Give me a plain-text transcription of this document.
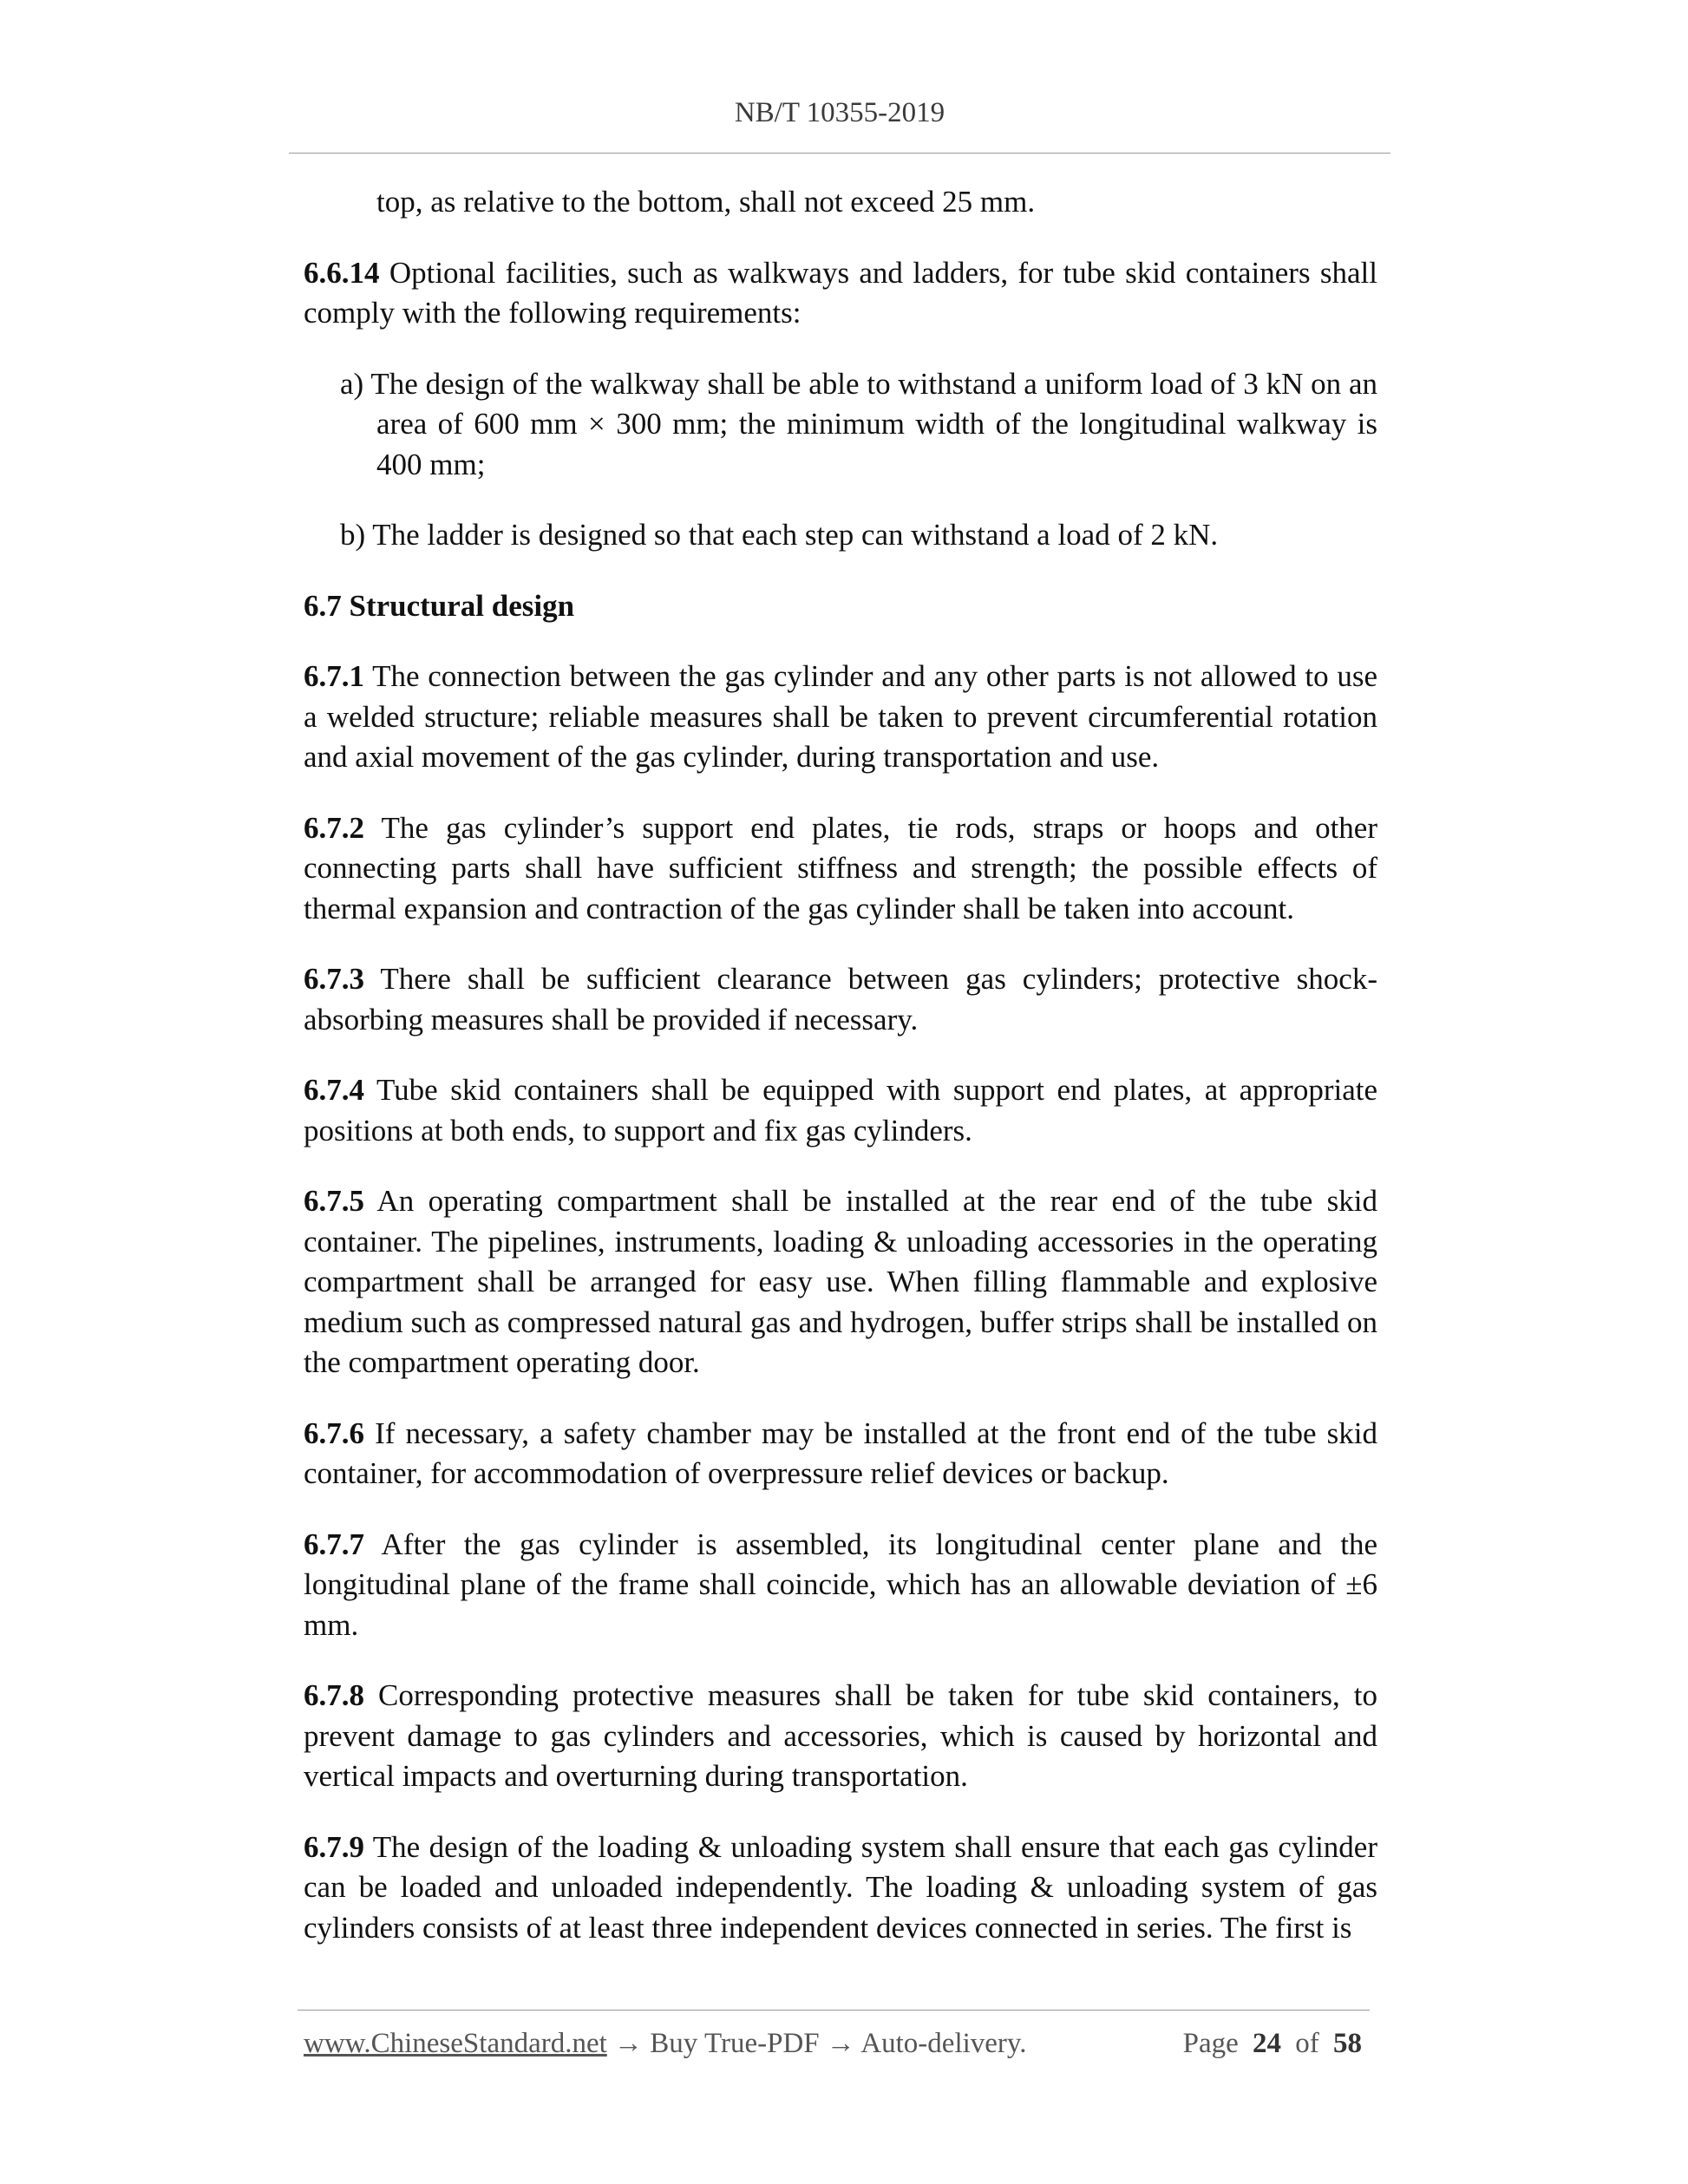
NB/T 10355-2019

top, as relative to the bottom, shall not exceed 25 mm.

6.6.14 Optional facilities, such as walkways and ladders, for tube skid containers shall comply with the following requirements:

a) The design of the walkway shall be able to withstand a uniform load of 3 kN on an area of 600 mm × 300 mm; the minimum width of the longitudinal walkway is 400 mm;

b) The ladder is designed so that each step can withstand a load of 2 kN.

6.7 Structural design

6.7.1 The connection between the gas cylinder and any other parts is not allowed to use a welded structure; reliable measures shall be taken to prevent circumferential rotation and axial movement of the gas cylinder, during transportation and use.

6.7.2 The gas cylinder’s support end plates, tie rods, straps or hoops and other connecting parts shall have sufficient stiffness and strength; the possible effects of thermal expansion and contraction of the gas cylinder shall be taken into account.

6.7.3 There shall be sufficient clearance between gas cylinders; protective shock-absorbing measures shall be provided if necessary.

6.7.4 Tube skid containers shall be equipped with support end plates, at appropriate positions at both ends, to support and fix gas cylinders.

6.7.5 An operating compartment shall be installed at the rear end of the tube skid container. The pipelines, instruments, loading & unloading accessories in the operating compartment shall be arranged for easy use. When filling flammable and explosive medium such as compressed natural gas and hydrogen, buffer strips shall be installed on the compartment operating door.

6.7.6 If necessary, a safety chamber may be installed at the front end of the tube skid container, for accommodation of overpressure relief devices or backup.

6.7.7 After the gas cylinder is assembled, its longitudinal center plane and the longitudinal plane of the frame shall coincide, which has an allowable deviation of ±6 mm.

6.7.8 Corresponding protective measures shall be taken for tube skid containers, to prevent damage to gas cylinders and accessories, which is caused by horizontal and vertical impacts and overturning during transportation.

6.7.9 The design of the loading & unloading system shall ensure that each gas cylinder can be loaded and unloaded independently. The loading & unloading system of gas cylinders consists of at least three independent devices connected in series. The first is

www.ChineseStandard.net → Buy True-PDF → Auto-delivery.	Page 24 of 58
